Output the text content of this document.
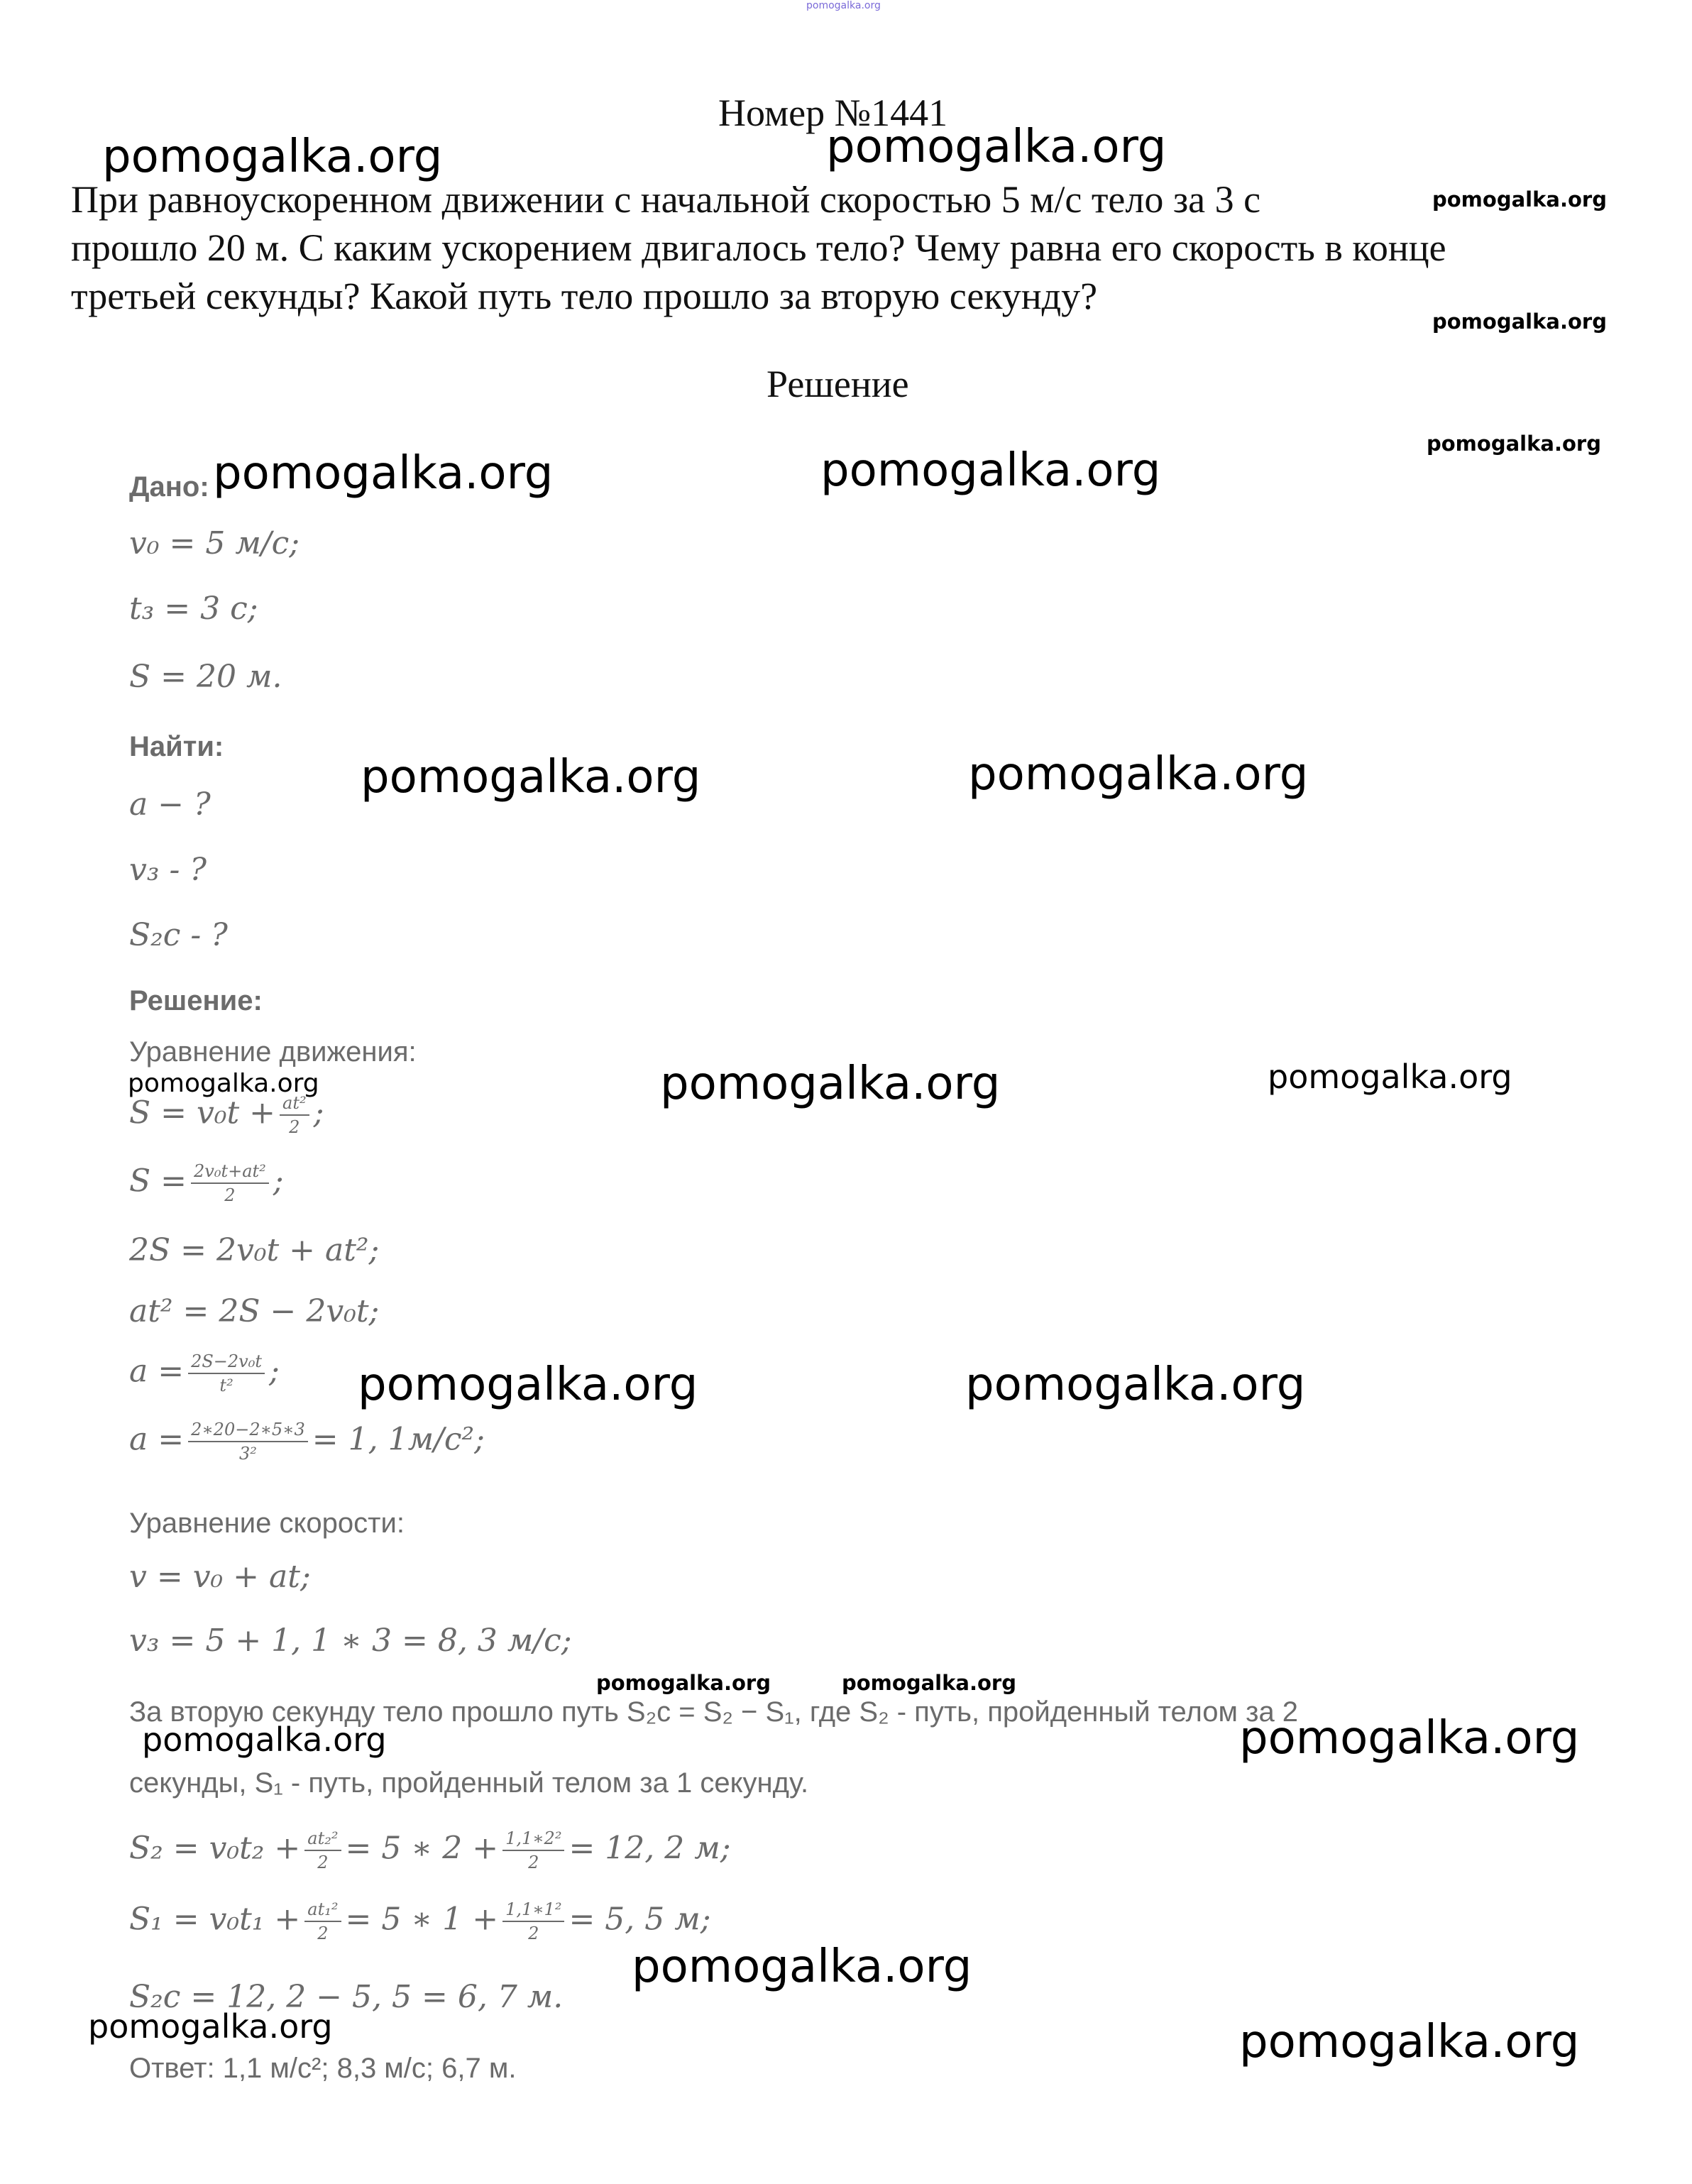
pomogalka.org
Номер №1441
При равноускоренном движении с начальной скоростью 5 м/с тело за 3 с
прошло 20 м. С каким ускорением двигалось тело? Чему равна его скорость в конце
третьей секунды? Какой путь тело прошло за вторую секунду?
Решение
Дано:
v₀ = 5 м/с;
t₃ = 3 с;
S = 20 м.
Найти:
a − ?
v₃ - ?
S₂c - ?
Решение:
Уравнение движения:
$S = v_0t + \frac{\text{at²}}{2}$ ;
$S = \frac{\text{2v₀t+at²}}{2}$ ;
2S = 2v₀t + at²;
at² = 2S − 2v₀t;
$a = \frac{\text{2S−2v₀t}}{\text{t²}}$ ;
$a = \frac{2∗20-2∗5∗3}{\text{3²}} = 1$, 1м/с²;
Уравнение скорости:
v = v₀ + at;
v₃ = 5 + 1, 1 ∗ 3 = 8, 3 м/с;
За вторую секунду тело прошло путь S₂c = S₂ − S₁, где S₂ - путь, пройденный телом за 2
секунды, S₁ - путь, пройденный телом за 1 секунду.
$S_2 = v_0t_2 + \frac{\text{at₂²}}{2} = 5$ ∗ $2 + \frac{\text{1,1∗2²}}{2} = 12$, 2 м;
$S_1 = v_0t_1 + \frac{\text{at₁²}}{2} = 5$ ∗ $1 + \frac{\text{1,1∗1²}}{2} = 5$, 5 м;
S₂c = 12, 2 − 5, 5 = 6, 7 м.
Ответ: 1,1 м/с²; 8,3 м/с; 6,7 м.
pomogalka.org	pomogalka.org
pomogalka.org
pomogalka.org
pomogalka.org
pomogalka.org	pomogalka.org
pomogalka.org	pomogalka.org
pomogalka.org	pomogalka.org	pomogalka.org
pomogalka.org	pomogalka.org
pomogalka.org	pomogalka.org
pomogalka.org	pomogalka.org
pomogalka.org
pomogalka.org	pomogalka.org
